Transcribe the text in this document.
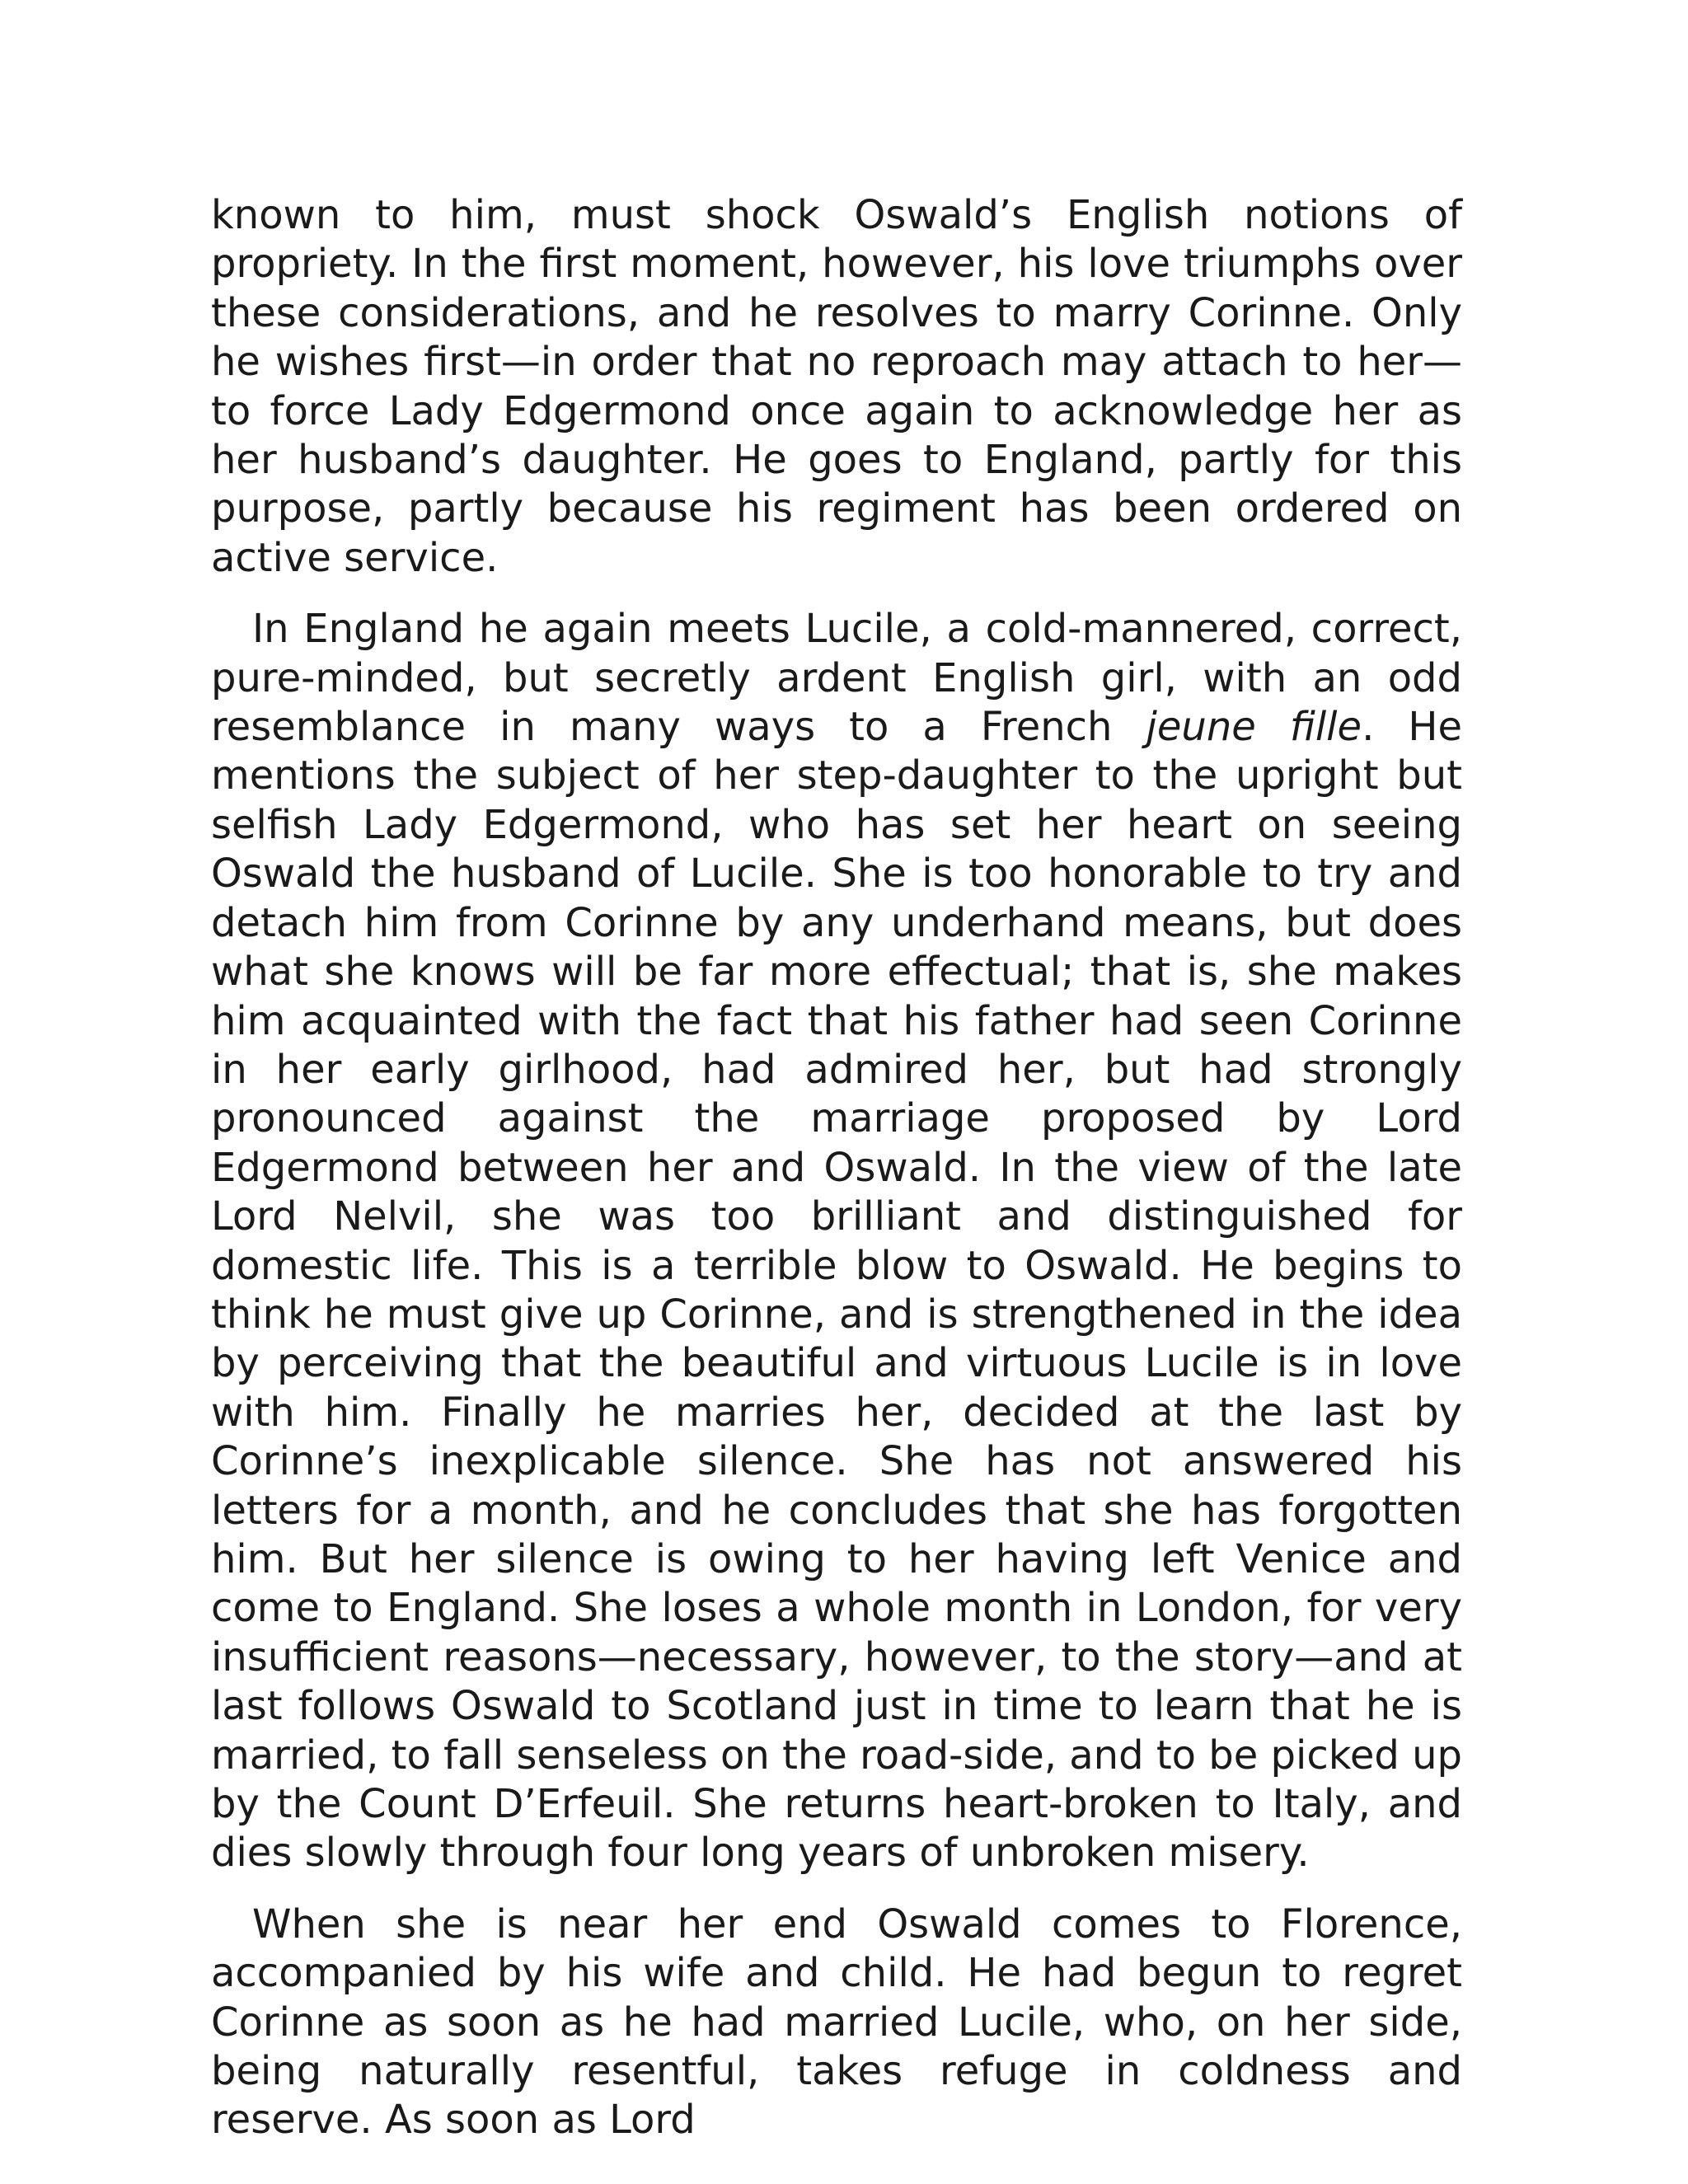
known to him, must shock Oswald’s English notions of propriety. In the first moment, however, his love triumphs over these considerations, and he resolves to marry Corinne. Only he wishes first—in order that no reproach may attach to her—to force Lady Edgermond once again to acknowledge her as her husband’s daughter. He goes to England, partly for this purpose, partly because his regiment has been ordered on active service.

In England he again meets Lucile, a cold-mannered, correct, pure-minded, but secretly ardent English girl, with an odd resemblance in many ways to a French jeune fille. He mentions the subject of her step-daughter to the upright but selfish Lady Edgermond, who has set her heart on seeing Oswald the husband of Lucile. She is too honorable to try and detach him from Corinne by any underhand means, but does what she knows will be far more effectual; that is, she makes him acquainted with the fact that his father had seen Corinne in her early girlhood, had admired her, but had strongly pronounced against the marriage proposed by Lord Edgermond between her and Oswald. In the view of the late Lord Nelvil, she was too brilliant and distinguished for domestic life. This is a terrible blow to Oswald. He begins to think he must give up Corinne, and is strengthened in the idea by perceiving that the beautiful and virtuous Lucile is in love with him. Finally he marries her, decided at the last by Corinne’s inexplicable silence. She has not answered his letters for a month, and he concludes that she has forgotten him. But her silence is owing to her having left Venice and come to England. She loses a whole month in London, for very insufficient reasons—necessary, however, to the story—and at last follows Oswald to Scotland just in time to learn that he is married, to fall senseless on the road-side, and to be picked up by the Count D’Erfeuil. She returns heart-broken to Italy, and dies slowly through four long years of unbroken misery.

When she is near her end Oswald comes to Florence, accompanied by his wife and child. He had begun to regret Corinne as soon as he had married Lucile, who, on her side, being naturally resentful, takes refuge in coldness and reserve. As soon as Lord
